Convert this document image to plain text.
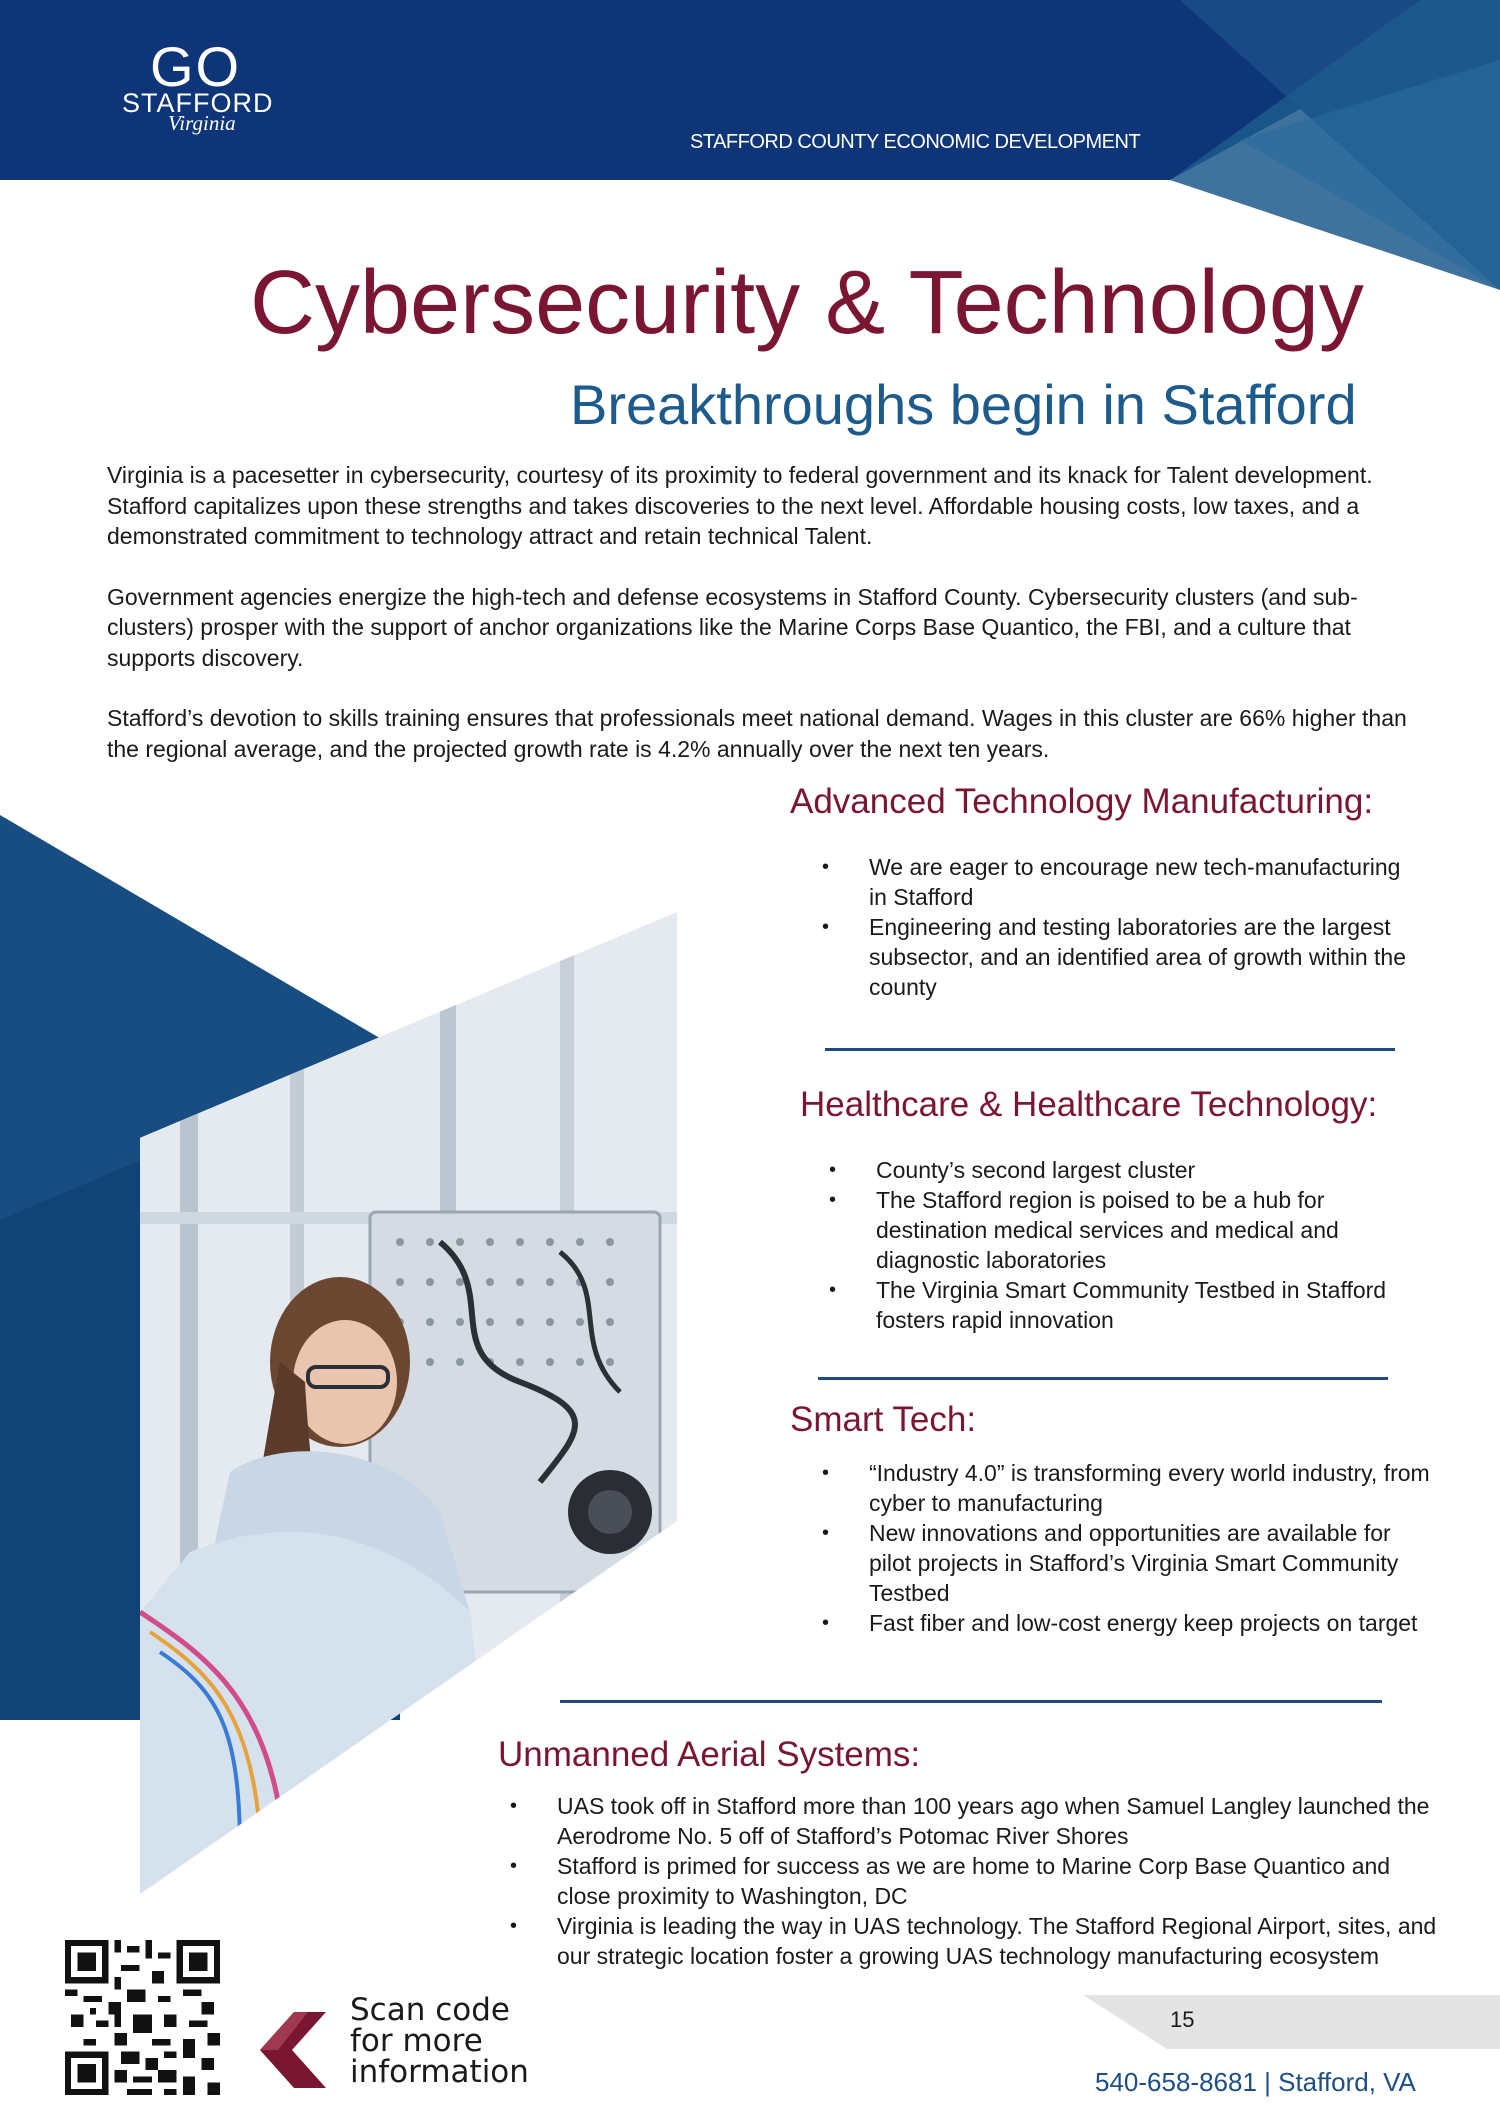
GO
STAFFORD
Virginia
STAFFORD COUNTY ECONOMIC DEVELOPMENT
Cybersecurity & Technology
Breakthroughs begin in Stafford

Virginia is a pacesetter in cybersecurity, courtesy of its proximity to federal government and its knack for Talent development. Stafford capitalizes upon these strengths and takes discoveries to the next level. Affordable housing costs, low taxes, and a demonstrated commitment to technology attract and retain technical Talent.

Government agencies energize the high-tech and defense ecosystems in Stafford County. Cybersecurity clusters (and sub-clusters) prosper with the support of anchor organizations like the Marine Corps Base Quantico, the FBI, and a culture that supports discovery.

Stafford’s devotion to skills training ensures that professionals meet national demand. Wages in this cluster are 66% higher than the regional average, and the projected growth rate is 4.2% annually over the next ten years.

Advanced Technology Manufacturing:
• We are eager to encourage new tech-manufacturing in Stafford
• Engineering and testing laboratories are the largest subsector, and an identified area of growth within the county
Healthcare & Healthcare Technology:
• County’s second largest cluster
• The Stafford region is poised to be a hub for destination medical services and medical and diagnostic laboratories
• The Virginia Smart Community Testbed in Stafford fosters rapid innovation
Smart Tech:
• “Industry 4.0” is transforming every world industry, from cyber to manufacturing
• New innovations and opportunities are available for pilot projects in Stafford’s Virginia Smart Community Testbed
• Fast fiber and low-cost energy keep projects on target
Unmanned Aerial Systems:
• UAS took off in Stafford more than 100 years ago when Samuel Langley launched the Aerodrome No. 5 off of Stafford’s Potomac River Shores
• Stafford is primed for success as we are home to Marine Corp Base Quantico and close proximity to Washington, DC
• Virginia is leading the way in UAS technology. The Stafford Regional Airport, sites, and our strategic location foster a growing UAS technology manufacturing ecosystem
Scan code
for more
information
15
540-658-8681 | Stafford, VA
